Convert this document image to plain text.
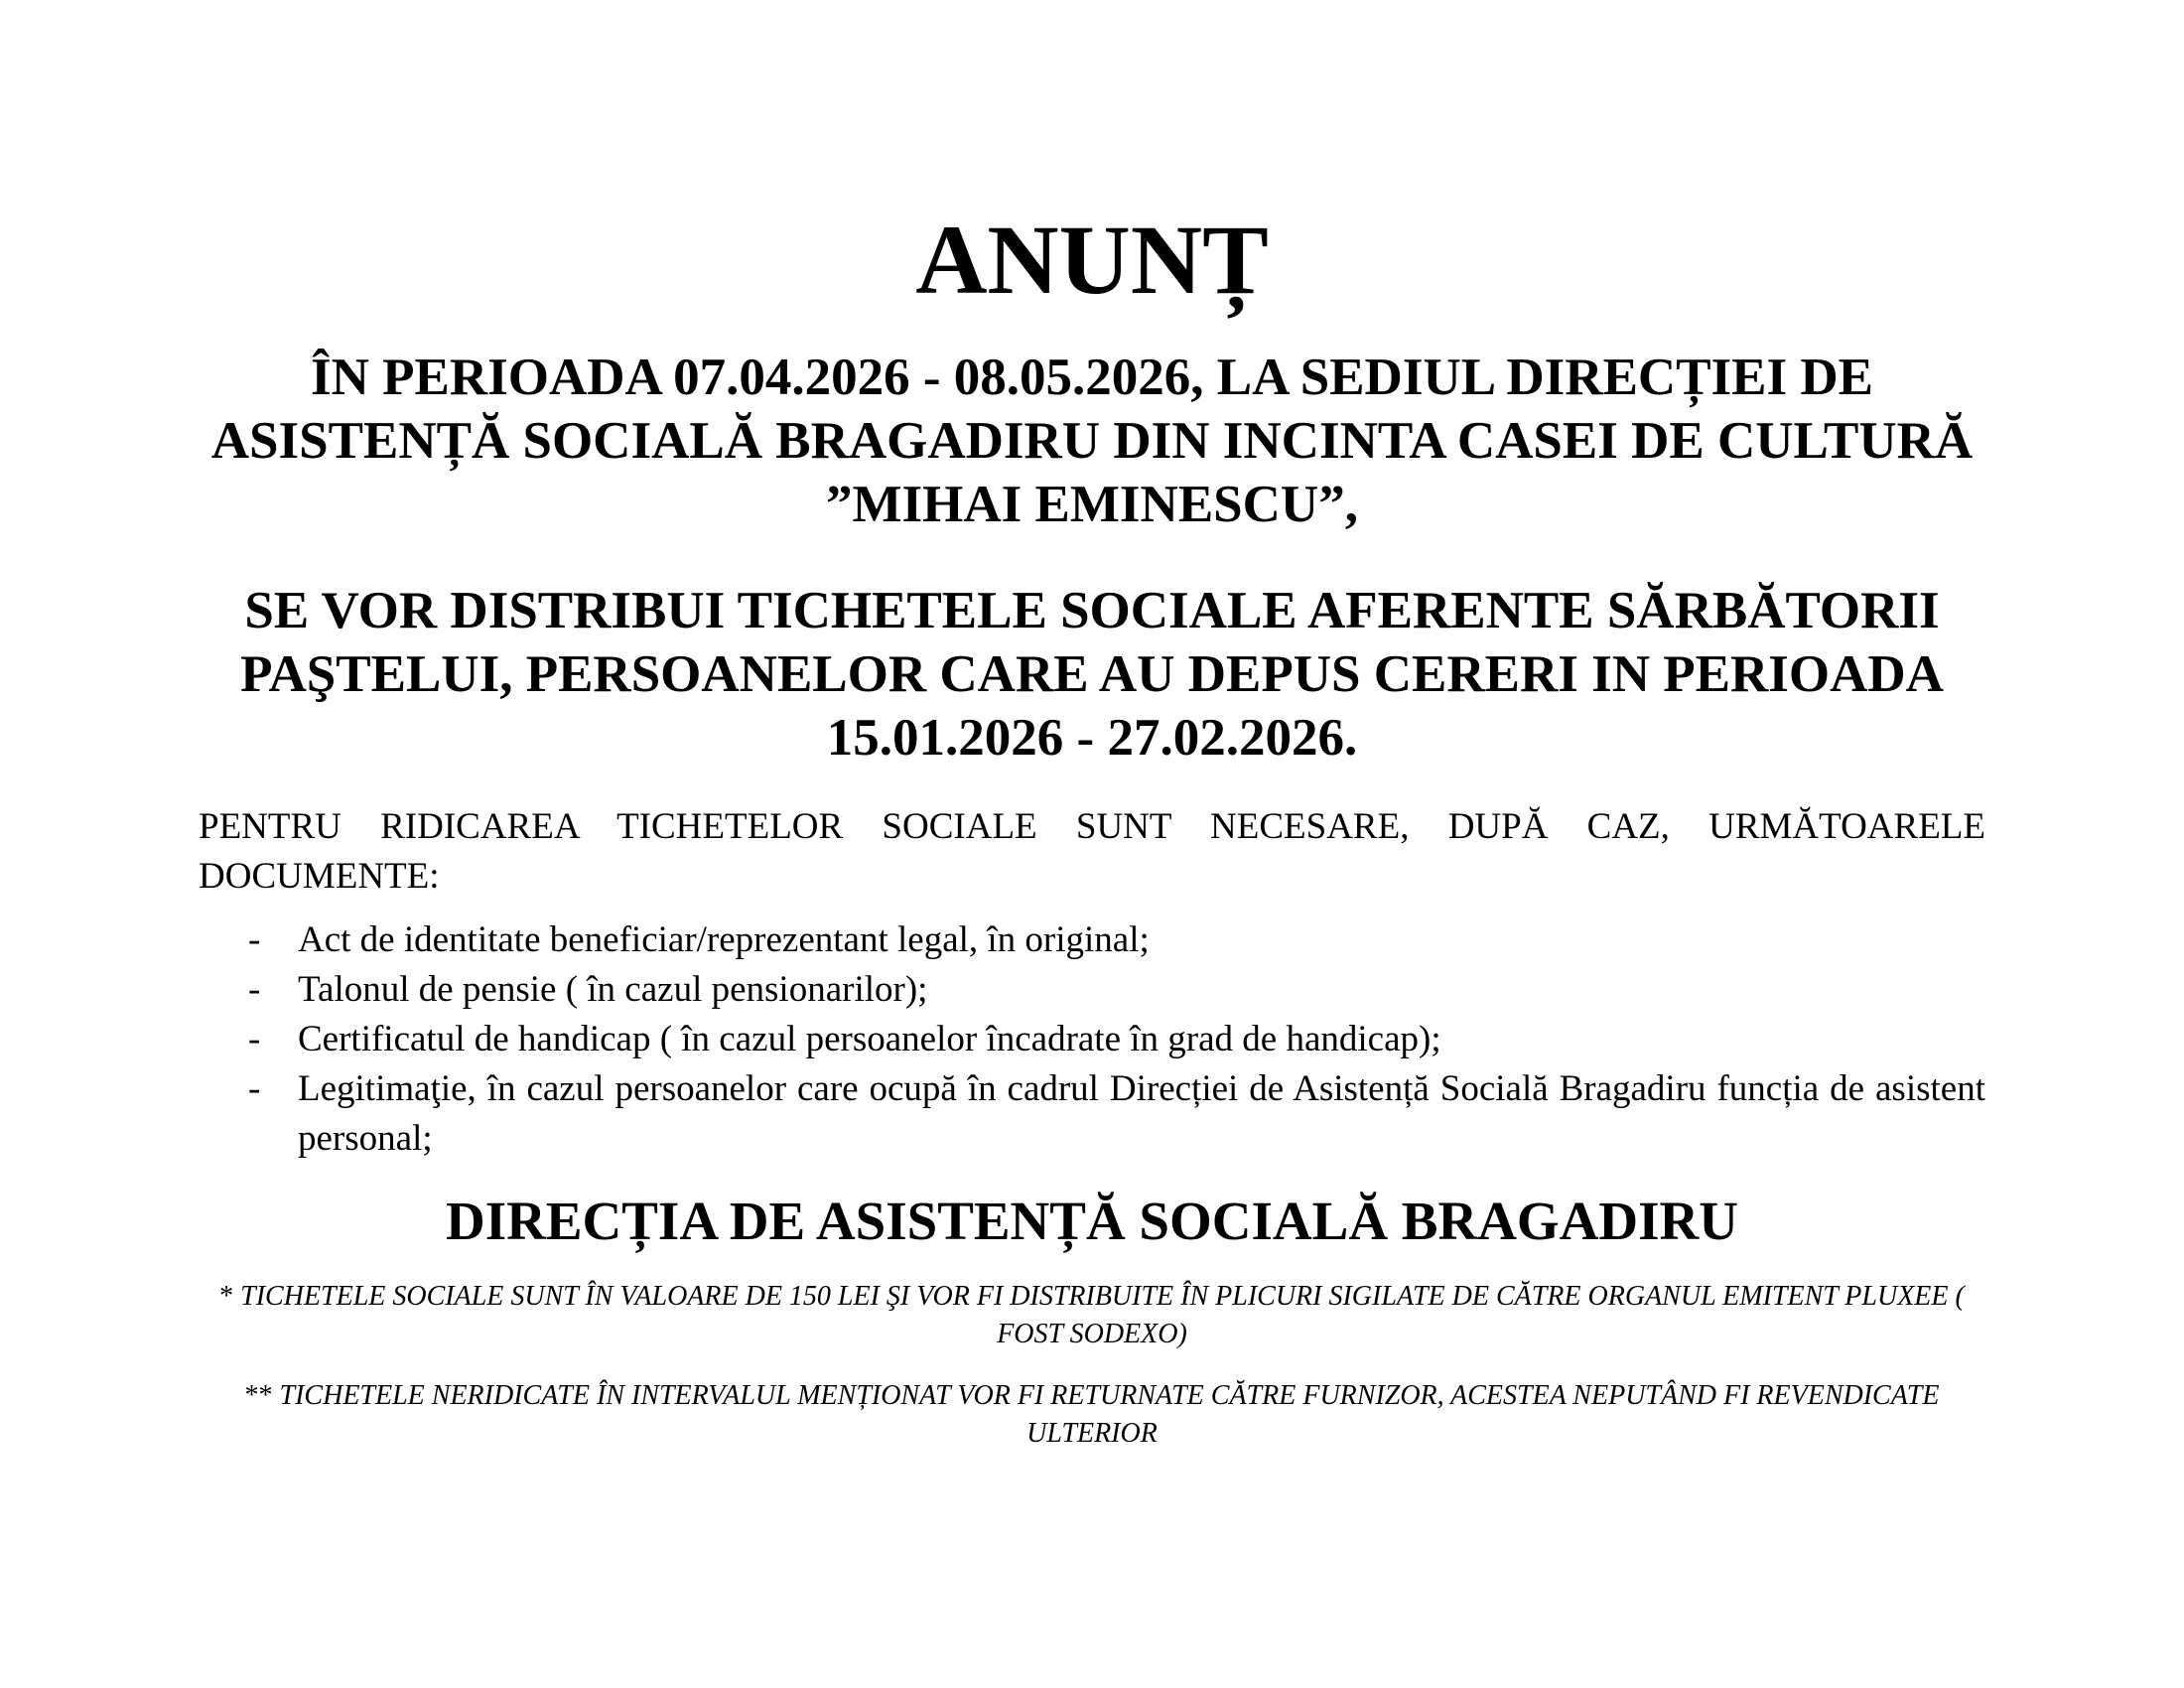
ANUNȚ

ÎN PERIOADA 07.04.2026 - 08.05.2026, LA SEDIUL DIRECȚIEI DE ASISTENȚĂ SOCIALĂ BRAGADIRU DIN INCINTA CASEI DE CULTURĂ ”MIHAI EMINESCU”,

SE VOR DISTRIBUI TICHETELE SOCIALE AFERENTE SĂRBĂTORII PAŞTELUI, PERSOANELOR CARE AU DEPUS CERERI IN PERIOADA 15.01.2026 - 27.02.2026.

PENTRU RIDICAREA TICHETELOR SOCIALE SUNT NECESARE, DUPĂ CAZ, URMĂTOARELE DOCUMENTE:

- Act de identitate beneficiar/reprezentant legal, în original;
- Talonul de pensie ( în cazul pensionarilor);
- Certificatul de handicap ( în cazul persoanelor încadrate în grad de handicap);
- Legitimaţie, în cazul persoanelor care ocupă în cadrul Direcției de Asistență Socială Bragadiru funcția de asistent personal;

DIRECȚIA DE ASISTENȚĂ SOCIALĂ BRAGADIRU

* TICHETELE SOCIALE SUNT ÎN VALOARE DE 150 LEI ŞI VOR FI DISTRIBUITE ÎN PLICURI SIGILATE DE CĂTRE ORGANUL EMITENT PLUXEE ( FOST SODEXO)

** TICHETELE NERIDICATE ÎN INTERVALUL MENȚIONAT VOR FI RETURNATE CĂTRE FURNIZOR, ACESTEA NEPUTÂND FI REVENDICATE ULTERIOR
